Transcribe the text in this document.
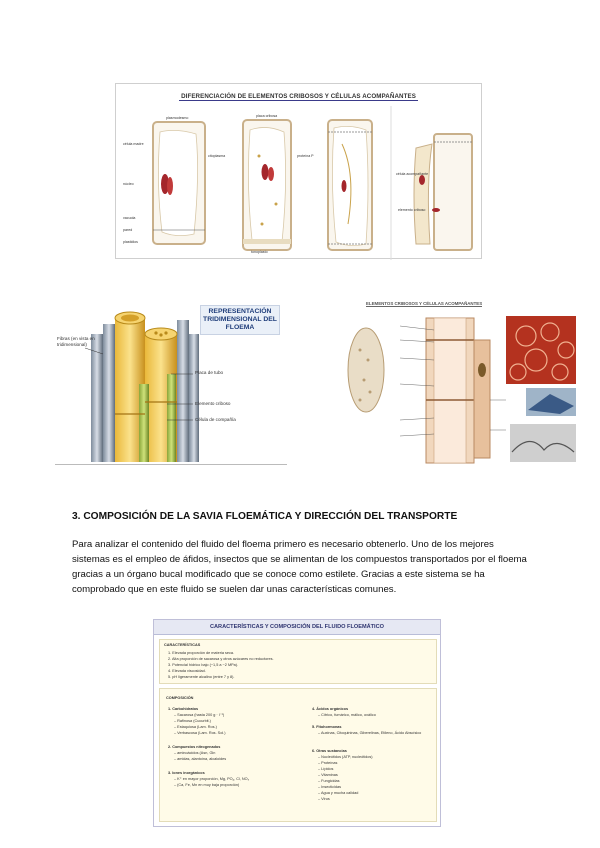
DIFERENCIACIÓN DE ELEMENTOS CRIBOSOS Y CÉLULAS ACOMPAÑANTES
plasmodesmo
célula madre
núcleo
vacuola
pared
plastidios
placa cribosa
citoplasma	proteína P
célula acompañante
elemento criboso
tonoplasto
REPRESENTACIÓN TRIDIMENSIONAL DEL FLOEMA
Fibras (en vista en tridimensional)
Placa de tubo
Elemento criboso
Célula de compañía
ELEMENTOS CRIBOSOS Y CÉLULAS ACOMPAÑANTES
3. COMPOSICIÓN DE LA SAVIA FLOEMÁTICA Y DIRECCIÓN DEL TRANSPORTE

Para analizar el contenido del fluido del floema primero es necesario obtenerlo. Uno de los mejores sistemas es el empleo de áfidos, insectos que se alimentan de los compuestos transportados por el floema gracias a un órgano bucal modificado que se conoce como estilete. Gracias a este sistema se ha comprobado que en este fluido se suelen dar unas características comunes.

CARACTERÍSTICAS Y COMPOSICIÓN DEL FLUIDO FLOEMÁTICO
CARACTERÍSTICAS
1. Elevada proporción de materia seca.
2. Alta proporción de sacarosa y otros azúcares no reductores.
3. Potencial hídrico bajo (−1,5 a −2 MPa).
4. Elevada viscosidad.
5. pH ligeramente alcalino (entre 7 y 8).
COMPOSICIÓN
1. Carbohidratos
– Sacarosa (hasta 200 g · l⁻¹)
– Rafinosa (Cucurbit.)
– Estaquiosa (Lam. Ros.)
– Verbascosa (Lam. Ros. Sol.)
2. Compuestos nitrogenados
– aminoácidos (Asn, Gln
– amidas, alantoína, alcaloides
3. Iones inorgánicos
– K⁺ en mayor proporción, Mg, PO₄, Cl, NO₃
– (Ca, Fe, Mn en muy baja proporción)
4. Ácidos orgánicos
– Cítrico, fumárico, málico, oxálico
5. Fitohormonas
– Auxinas, Citoquininas, Giberelinas, Etileno, Ácido Abscísico
6. Otras sustancias
– Nucleótidos (ATP, nucleótidos)
– Proteínas
– Lípidos
– Vitaminas
– Fungicidas
– Insecticidas
– Agua y mucha calidad
– Virus
